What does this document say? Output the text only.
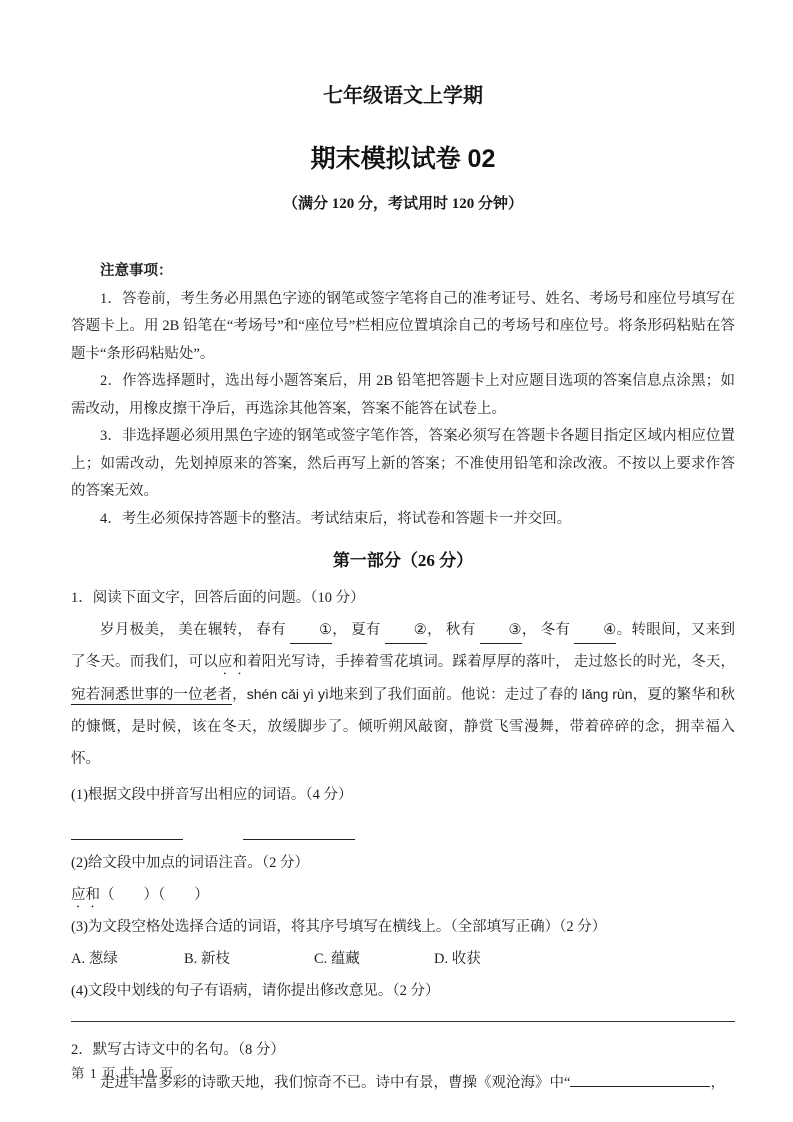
七年级语文上学期
期末模拟试卷 02
（满分 120 分，考试用时 120 分钟）
注意事项：

1．答卷前，考生务必用黑色字迹的钢笔或签字笔将自己的准考证号、姓名、考场号和座位号填写在答题卡上。用 2B 铅笔在“考场号”和“座位号”栏相应位置填涂自己的考场号和座位号。将条形码粘贴在答题卡“条形码粘贴处”。

2．作答选择题时，选出每小题答案后，用 2B 铅笔把答题卡上对应题目选项的答案信息点涂黑；如需改动，用橡皮擦干净后，再选涂其他答案，答案不能答在试卷上。

3．非选择题必须用黑色字迹的钢笔或签字笔作答，答案必须写在答题卡各题目指定区域内相应位置上；如需改动，先划掉原来的答案，然后再写上新的答案；不准使用铅笔和涂改液。不按以上要求作答的答案无效。

4．考生必须保持答题卡的整洁。考试结束后，将试卷和答题卡一并交回。

第一部分（26 分）

1．阅读下面文字，回答后面的问题。（10 分）

岁月极美， 美在辗转， 春有 ①， 夏有 ②， 秋有 ③， 冬有 ④。转眼间，又来到了冬天。而我们，可以应和着阳光写诗，手捧着雪花填词。踩着厚厚的落叶， 走过悠长的时光，冬天，宛若洞悉世事的一位老者，shén cǎi yì yì地来到了我们面前。他说：走过了春的 lǎng rùn，夏的繁华和秋的慷慨，是时候，该在冬天，放缓脚步了。倾听朔风敲窗，静赏飞雪漫舞，带着碎碎的念，拥幸福入怀。

(1)根据文段中拼音写出相应的词语。（4 分）

(2)给文段中加点的词语注音。（2 分）

应和（　　）（　　）

(3)为文段空格处选择合适的词语，将其序号填写在横线上。（全部填写正确）（2 分）

A. 葱绿	B. 新枝	C. 蕴藏	D. 收获

(4)文段中划线的句子有语病，请你提出修改意见。（2 分）

2．默写古诗文中的名句。（8 分）

走进丰富多彩的诗歌天地，我们惊奇不已。诗中有景，曹操《观沧海》中“	，

第 1 页 共 10 页
